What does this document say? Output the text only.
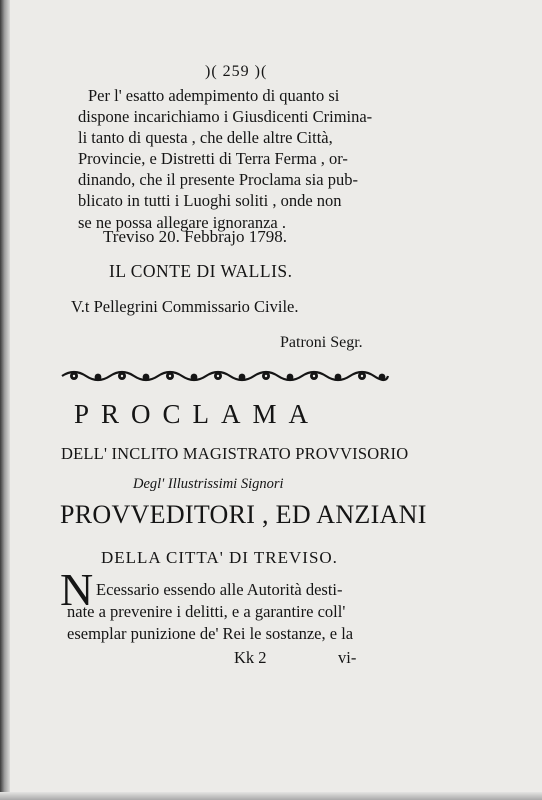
)( 259 )(
Per l' esatto adempimento di quanto si
dispone incarichiamo i Giusdicenti Crimina-
li tanto di questa , che delle altre Città,
Provincie, e Distretti di Terra Ferma , or-
dinando, che il presente Proclama sia pub-
blicato in tutti i Luoghi soliti , onde non
se ne possa allegare ignoranza .
Treviso 20. Febbrajo 1798.
IL CONTE DI WALLIS.
V.t Pellegrini Commissario Civile.
Patroni Segr.
PROCLAMA
DELL' INCLITO MAGISTRATO PROVVISORIO
Degl' Illustrissimi Signori
PROVVEDITORI , ED ANZIANI
DELLA CITTA' DI TREVISO.
N Ecessario essendo alle Autorità desti-
nate a prevenire i delitti, e a garantire coll'
esemplar punizione de' Rei le sostanze, e la
Kk 2	vi-
